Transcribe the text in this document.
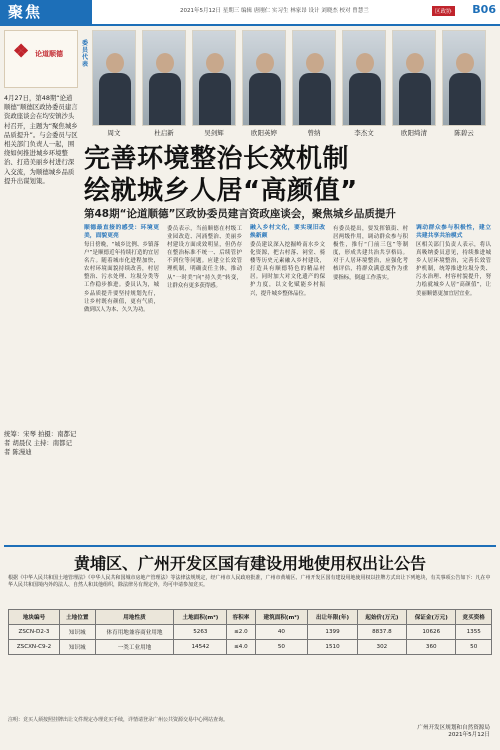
聚焦	2021年5月12日 星期三 编辑 唐刚仁 实习生 林家昂 设计 刘晓杰 校对 曾慧兰	区政协 B06
❖ 论道顺德

4月27日，第48期“论道顺德”顺德区政协委员建言资政座谈会在均安镇沙头村召开，主题为“聚焦城乡品质提升”。与会委员与区相关部门负责人一起，围绕如何推进城乡环境整治、打造美丽乡村进行深入交流，为顺德城乡品质提升出谋划策。

统筹：宋琴 拍摄：南都记者 胡晨仪 主持：南都记者 陈漫迪
委员代表
周文	杜启新	吴剑辉	欧阳英婷	曾纳	李杰文	欧阳绮清	陈碧云
完善环境整治长效机制
绘就城乡人居“高颜值”
第48期“论道顺德”区政协委员建言资政座谈会，聚焦城乡品质提升
顺德最直接的感受：环境更美，面貌更亮

每日傍晚，“城乡比例、乡镇落户”是顺德近年持续打造的宜居名片。随着城市化进程加快，农村环境面貌持续改善，村居整治、污水处理、垃圾分类等工作稳步推进。委员认为，城乡品质提升要坚持规划先行，让乡村既有颜值，更有气质，做到以人为本、久久为功。

委员表示，当前顺德在村级工业园改造、河涌整治、美丽乡村建设方面成效明显，但仍存在整治标准不统一、后续管护不到位等问题。应建立长效管理机制，明确责任主体，推动从“一时美”向“持久美”转变，让群众有更多获得感。

融入乡村文化，要实现旧改焕新颜

委员建议深入挖掘岭南水乡文化资源，把古村落、祠堂、骑楼等历史元素融入乡村建设，打造具有顺德特色的精品村居。同时加大对文化遗产的保护力度，以文化赋能乡村振兴，提升城乡整体品位。

有委员提出，要发挥镇街、村居两级作用，调动群众参与积极性，推行“门前三包”等制度，形成共建共治共享格局。对于人居环境整治，应强化考核评估，将群众满意度作为重要指标，倒逼工作落实。

调动群众参与积极性，建立共建共享共治模式

区相关部门负责人表示，将认真吸纳委员意见，持续推进城乡人居环境整治，完善长效管护机制，统筹推进垃圾分类、污水治理、村容村貌提升，努力绘就城乡人居“高颜值”，让美丽顺德更加宜居宜业。

黄埔区、广州开发区国有建设用地使用权出让公告
根据《中华人民共和国土地管理法》《中华人民共和国城市房地产管理法》等法律法规规定，经广州市人民政府批准，广州市黄埔区、广州开发区国有建设用地使用权以挂牌方式出让下列地块，有关事项公告如下：凡在中华人民共和国境内外的法人、自然人和其他组织，除法律另有规定外，均可申请参加竞买。
地块编号	土地位置	用地性质	土地面积(m²)	容积率	建筑面积(m²)	出让年限(年)	起始价(万元)	保证金(万元)	竞买资格
ZSCN-D2-3	知识城	体育用地兼容商业用地	5263	≤2.0	40	1399	8837.8	10626	1355
ZSCXN-C9-2	知识城	一类工业用地	14542	≤4.0	50	1510	302	360	50
注明：竞买人须按照挂牌出让文件规定办理竞买手续，详情请登录广州公共资源交易中心网站查询。
广州开发区规划和自然资源局
2021年5月12日
